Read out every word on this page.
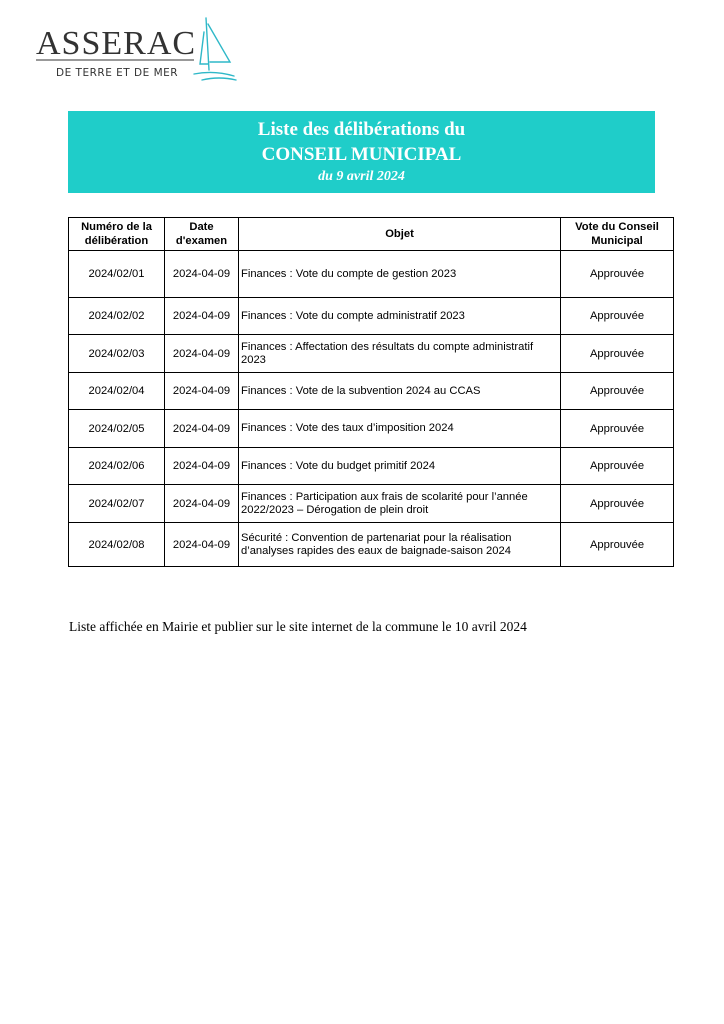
ASSERAC
DE TERRE ET DE MER
Liste des délibérations du
CONSEIL MUNICIPAL
du 9 avril 2024
Numéro de la délibération	Date d'examen	Objet	Vote du Conseil Municipal
2024/02/01	2024-04-09	Finances : Vote du compte de gestion 2023	Approuvée
2024/02/02	2024-04-09	Finances : Vote du compte administratif 2023	Approuvée
2024/02/03	2024-04-09	Finances : Affectation des résultats du compte administratif 2023	Approuvée
2024/02/04	2024-04-09	Finances : Vote de la subvention 2024 au CCAS	Approuvée
2024/02/05	2024-04-09	Finances : Vote des taux d’imposition 2024	Approuvée
2024/02/06	2024-04-09	Finances : Vote du budget primitif 2024	Approuvée
2024/02/07	2024-04-09	Finances : Participation aux frais de scolarité pour l’année 2022/2023 – Dérogation de plein droit	Approuvée
2024/02/08	2024-04-09	Sécurité : Convention de partenariat pour la réalisation d’analyses rapides des eaux de baignade-saison 2024	Approuvée
Liste affichée en Mairie et publier sur le site internet de la commune le 10 avril 2024
